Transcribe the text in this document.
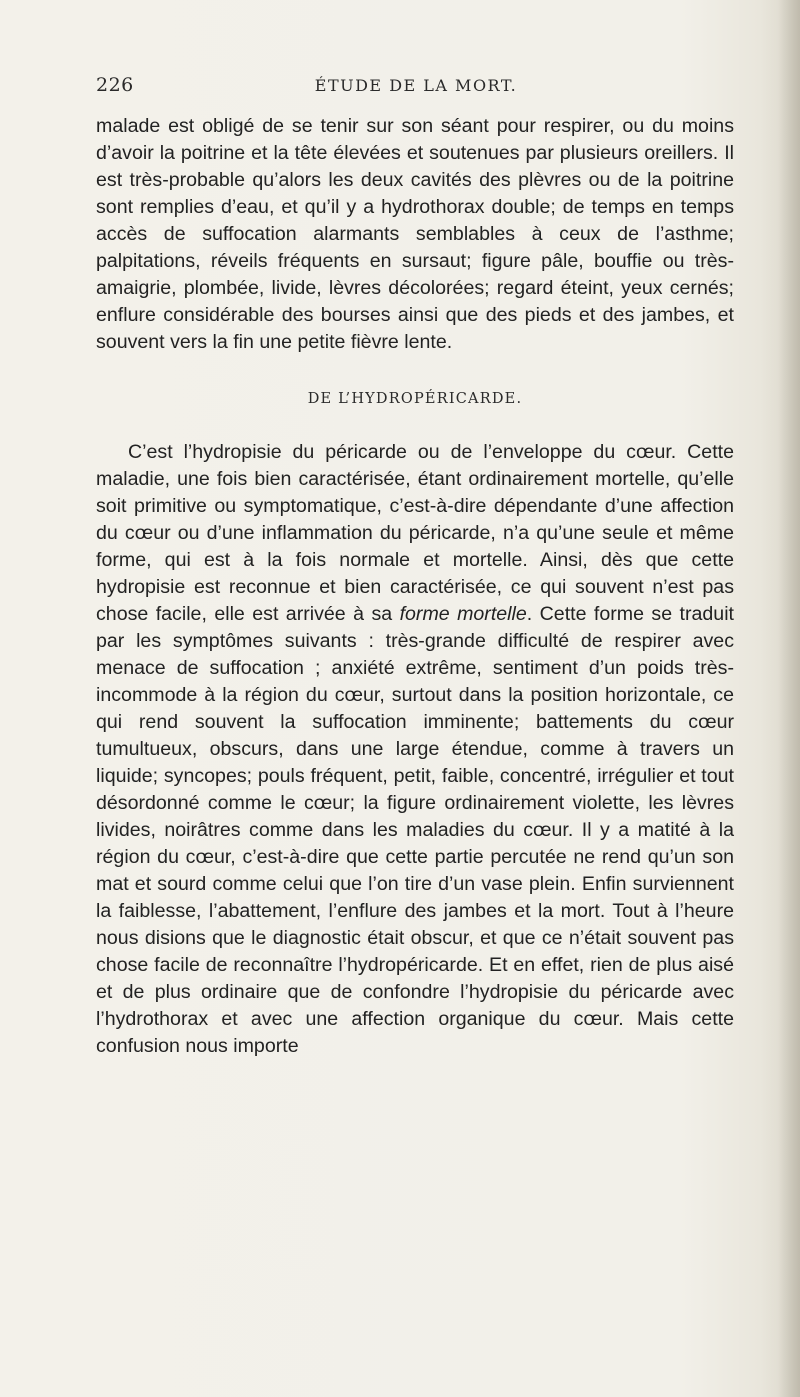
226	ÉTUDE DE LA MORT.

malade est obligé de se tenir sur son séant pour respirer, ou du moins d’avoir la poitrine et la tête élevées et soutenues par plusieurs oreillers. Il est très-probable qu’alors les deux cavités des plèvres ou de la poitrine sont remplies d’eau, et qu’il y a hydrothorax double; de temps en temps accès de suffocation alarmants semblables à ceux de l’asthme; palpitations, réveils fréquents en sursaut; figure pâle, bouffie ou très-amaigrie, plombée, livide, lèvres décolorées; regard éteint, yeux cernés; enflure considérable des bourses ainsi que des pieds et des jambes, et souvent vers la fin une petite fièvre lente.

DE L’HYDROPÉRICARDE.

C’est l’hydropisie du péricarde ou de l’enveloppe du cœur. Cette maladie, une fois bien caractérisée, étant ordinairement mortelle, qu’elle soit primitive ou symptomatique, c’est-à-dire dépendante d’une affection du cœur ou d’une inflammation du péricarde, n’a qu’une seule et même forme, qui est à la fois normale et mortelle. Ainsi, dès que cette hydropisie est reconnue et bien caractérisée, ce qui souvent n’est pas chose facile, elle est arrivée à sa forme mortelle. Cette forme se traduit par les symptômes suivants : très-grande difficulté de respirer avec menace de suffocation ; anxiété extrême, sentiment d’un poids très-incommode à la région du cœur, surtout dans la position horizontale, ce qui rend souvent la suffocation imminente; battements du cœur tumultueux, obscurs, dans une large étendue, comme à travers un liquide; syncopes; pouls fréquent, petit, faible, concentré, irrégulier et tout désordonné comme le cœur; la figure ordinairement violette, les lèvres livides, noirâtres comme dans les maladies du cœur. Il y a matité à la région du cœur, c’est-à-dire que cette partie percutée ne rend qu’un son mat et sourd comme celui que l’on tire d’un vase plein. Enfin surviennent la faiblesse, l’abattement, l’enflure des jambes et la mort. Tout à l’heure nous disions que le diagnostic était obscur, et que ce n’était souvent pas chose facile de reconnaître l’hydropéricarde. Et en effet, rien de plus aisé et de plus ordinaire que de confondre l’hydropisie du péricarde avec l’hydrothorax et avec une affection organique du cœur. Mais cette confusion nous importe
